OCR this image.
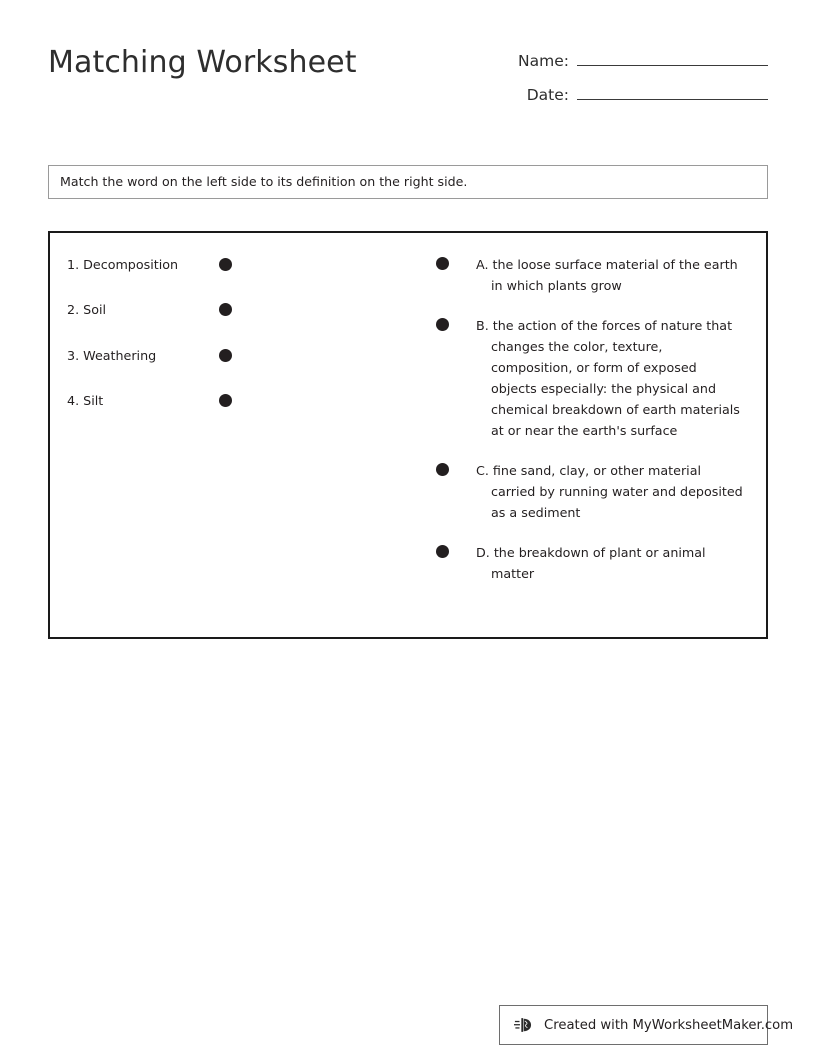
Matching Worksheet	Name:
Date:
Match the word on the left side to its definition on the right side.
1. Decomposition
2. Soil
3. Weathering
4. Silt
A. the loose surface material of the earth in which plants grow
B. the action of the forces of nature that changes the color, texture, composition, or form of exposed objects especially: the physical and chemical breakdown of earth materials at or near the earth's surface
C. fine sand, clay, or other material carried by running water and deposited as a sediment
D. the breakdown of plant or animal matter
Created with MyWorksheetMaker.com
